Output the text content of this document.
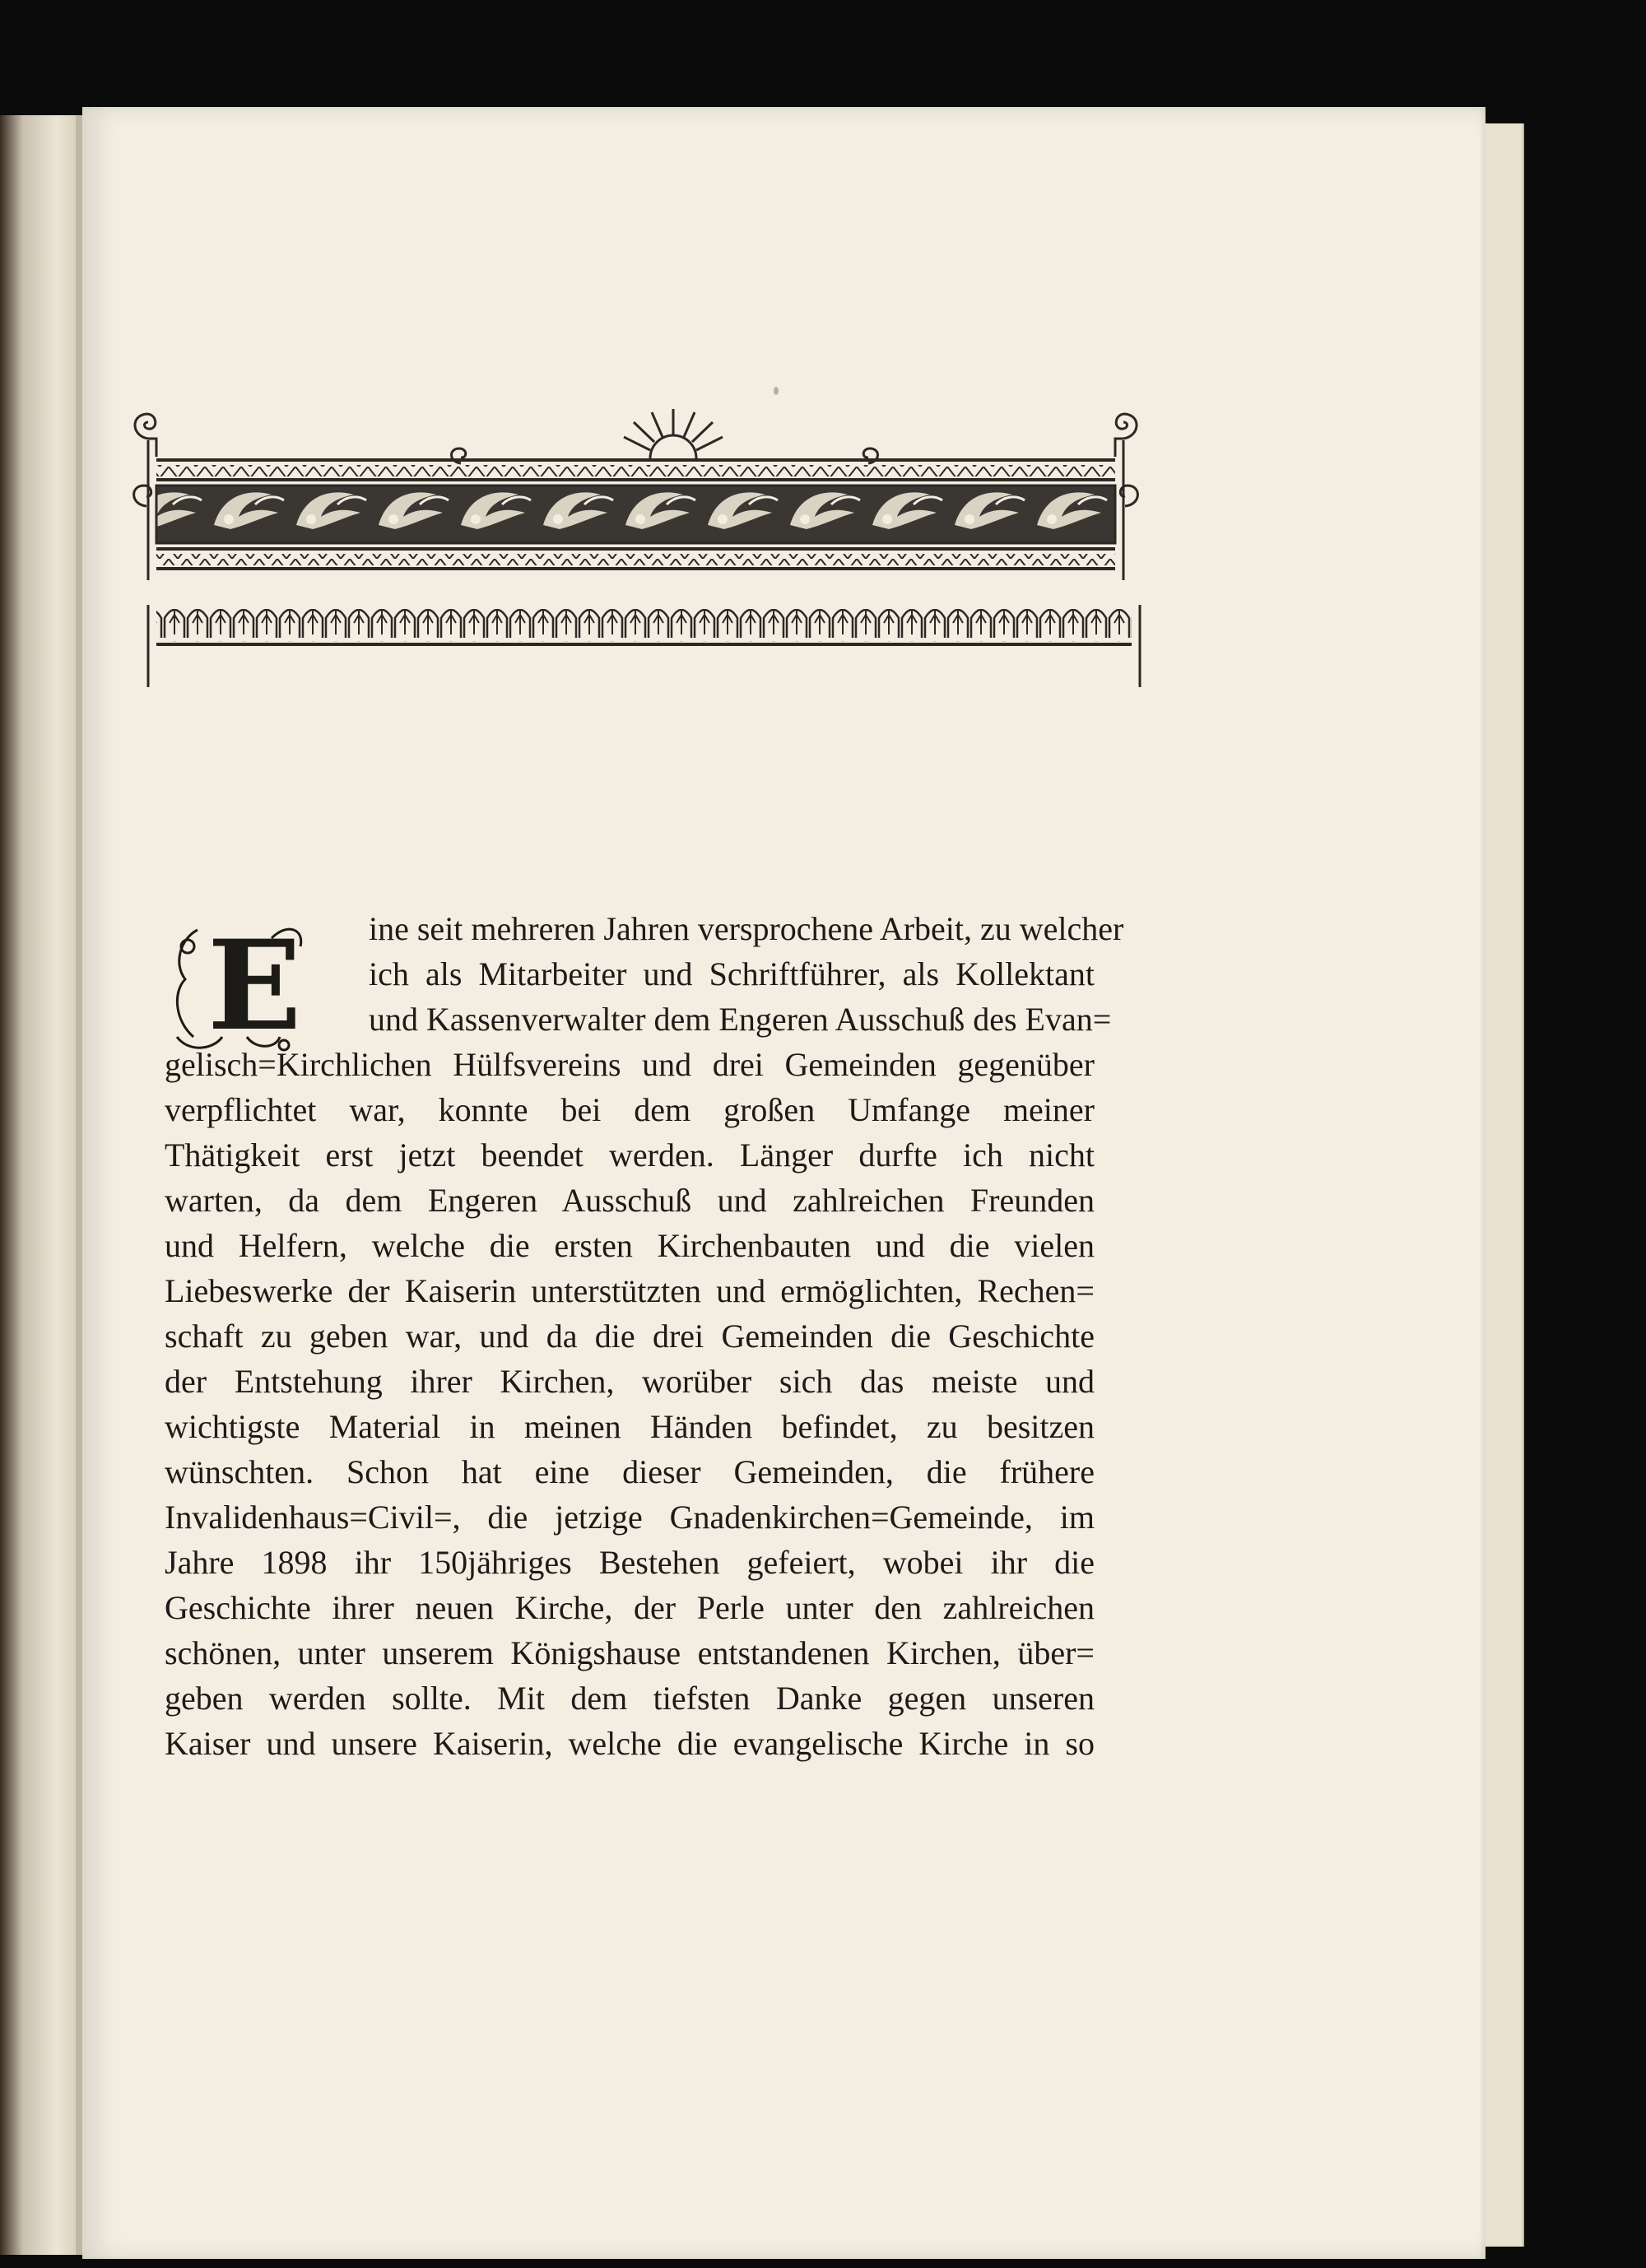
E ine seit mehreren Jahren versprochene Arbeit, zu welcher
ich als Mitarbeiter und Schriftführer, als Kollektant
und Kassenverwalter dem Engeren Ausschuß des Evan=
gelisch=Kirchlichen Hülfsvereins und drei Gemeinden gegenüber
verpflichtet war, konnte bei dem großen Umfange meiner
Thätigkeit erst jetzt beendet werden. Länger durfte ich nicht
warten, da dem Engeren Ausschuß und zahlreichen Freunden
und Helfern, welche die ersten Kirchenbauten und die vielen
Liebeswerke der Kaiserin unterstützten und ermöglichten, Rechen=
schaft zu geben war, und da die drei Gemeinden die Geschichte
der Entstehung ihrer Kirchen, worüber sich das meiste und
wichtigste Material in meinen Händen befindet, zu besitzen
wünschten. Schon hat eine dieser Gemeinden, die frühere
Invalidenhaus=Civil=, die jetzige Gnadenkirchen=Gemeinde, im
Jahre 1898 ihr 150jähriges Bestehen gefeiert, wobei ihr die
Geschichte ihrer neuen Kirche, der Perle unter den zahlreichen
schönen, unter unserem Königshause entstandenen Kirchen, über=
geben werden sollte. Mit dem tiefsten Danke gegen unseren
Kaiser und unsere Kaiserin, welche die evangelische Kirche in so
